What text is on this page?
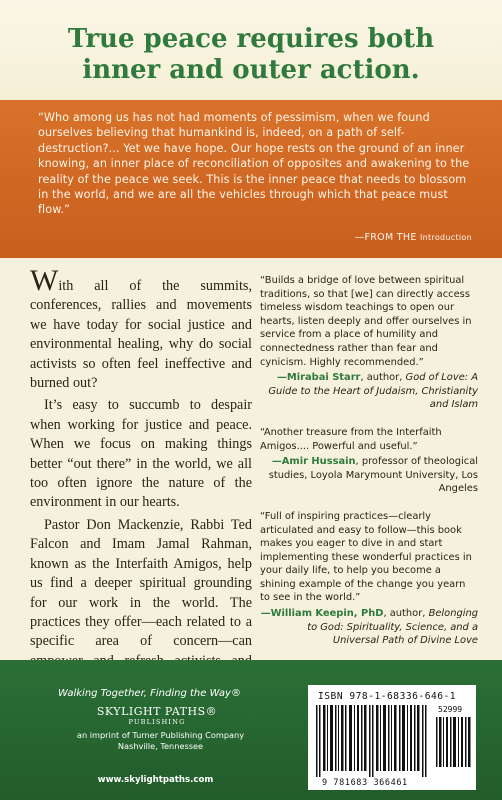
True peace requires both
inner and outer action.
“Who among us has not had moments of pessimism, when we found ourselves believing that humankind is, indeed, on a path of self-destruction?... Yet we have hope. Our hope rests on the ground of an inner knowing, an inner place of reconciliation of opposites and awakening to the reality of the peace we seek. This is the inner peace that needs to blossom in the world, and we are all the vehicles through which that peace must flow.”
—FROM THE Introduction

With all of the summits, conferences, rallies and movements we have today for social justice and environmental healing, why do social activists so often feel ineffective and burned out?

It’s easy to succumb to despair when working for justice and peace. When we focus on making things better “out there” in the world, we all too often ignore the nature of the environment in our hearts.

Pastor Don Mackenzie, Rabbi Ted Falcon and Imam Jamal Rahman, known as the Interfaith Amigos, help us find a deeper spiritual grounding for our work in the world. The practices they offer—each related to a specific area of concern—can

“Builds a bridge of love between spiritual traditions, so that [we] can directly access timeless wisdom teachings to open our hearts, listen deeply and offer ourselves in service from a place of humility and connectedness rather than fear and cynicism. Highly recommended.”
—Mirabai Starr, author, God of Love: A Guide to the Heart of Judaism, Christianity and Islam
“Another treasure from the Interfaith Amigos.... Powerful and useful.”
—Amir Hussain, professor of theological studies, Loyola Marymount University, Los Angeles
“Full of inspiring practices—clearly articulated and easy to follow—this book makes you eager to dive in and start implementing these wonderful practices in your daily life, to help you become a shining example of the change you yearn to see in the world.”
—William Keepin, PhD, author, Belonging to God: Spirituality, Science, and a Universal Path of Divine Love
Walking Together, Finding the Way®
SKYLIGHT PATHS®
PUBLISHING
an imprint of Turner Publishing Company
Nashville, Tennessee
www.skylightpaths.com
ISBN 978-1-68336-646-1
52999
9 781683 366461
